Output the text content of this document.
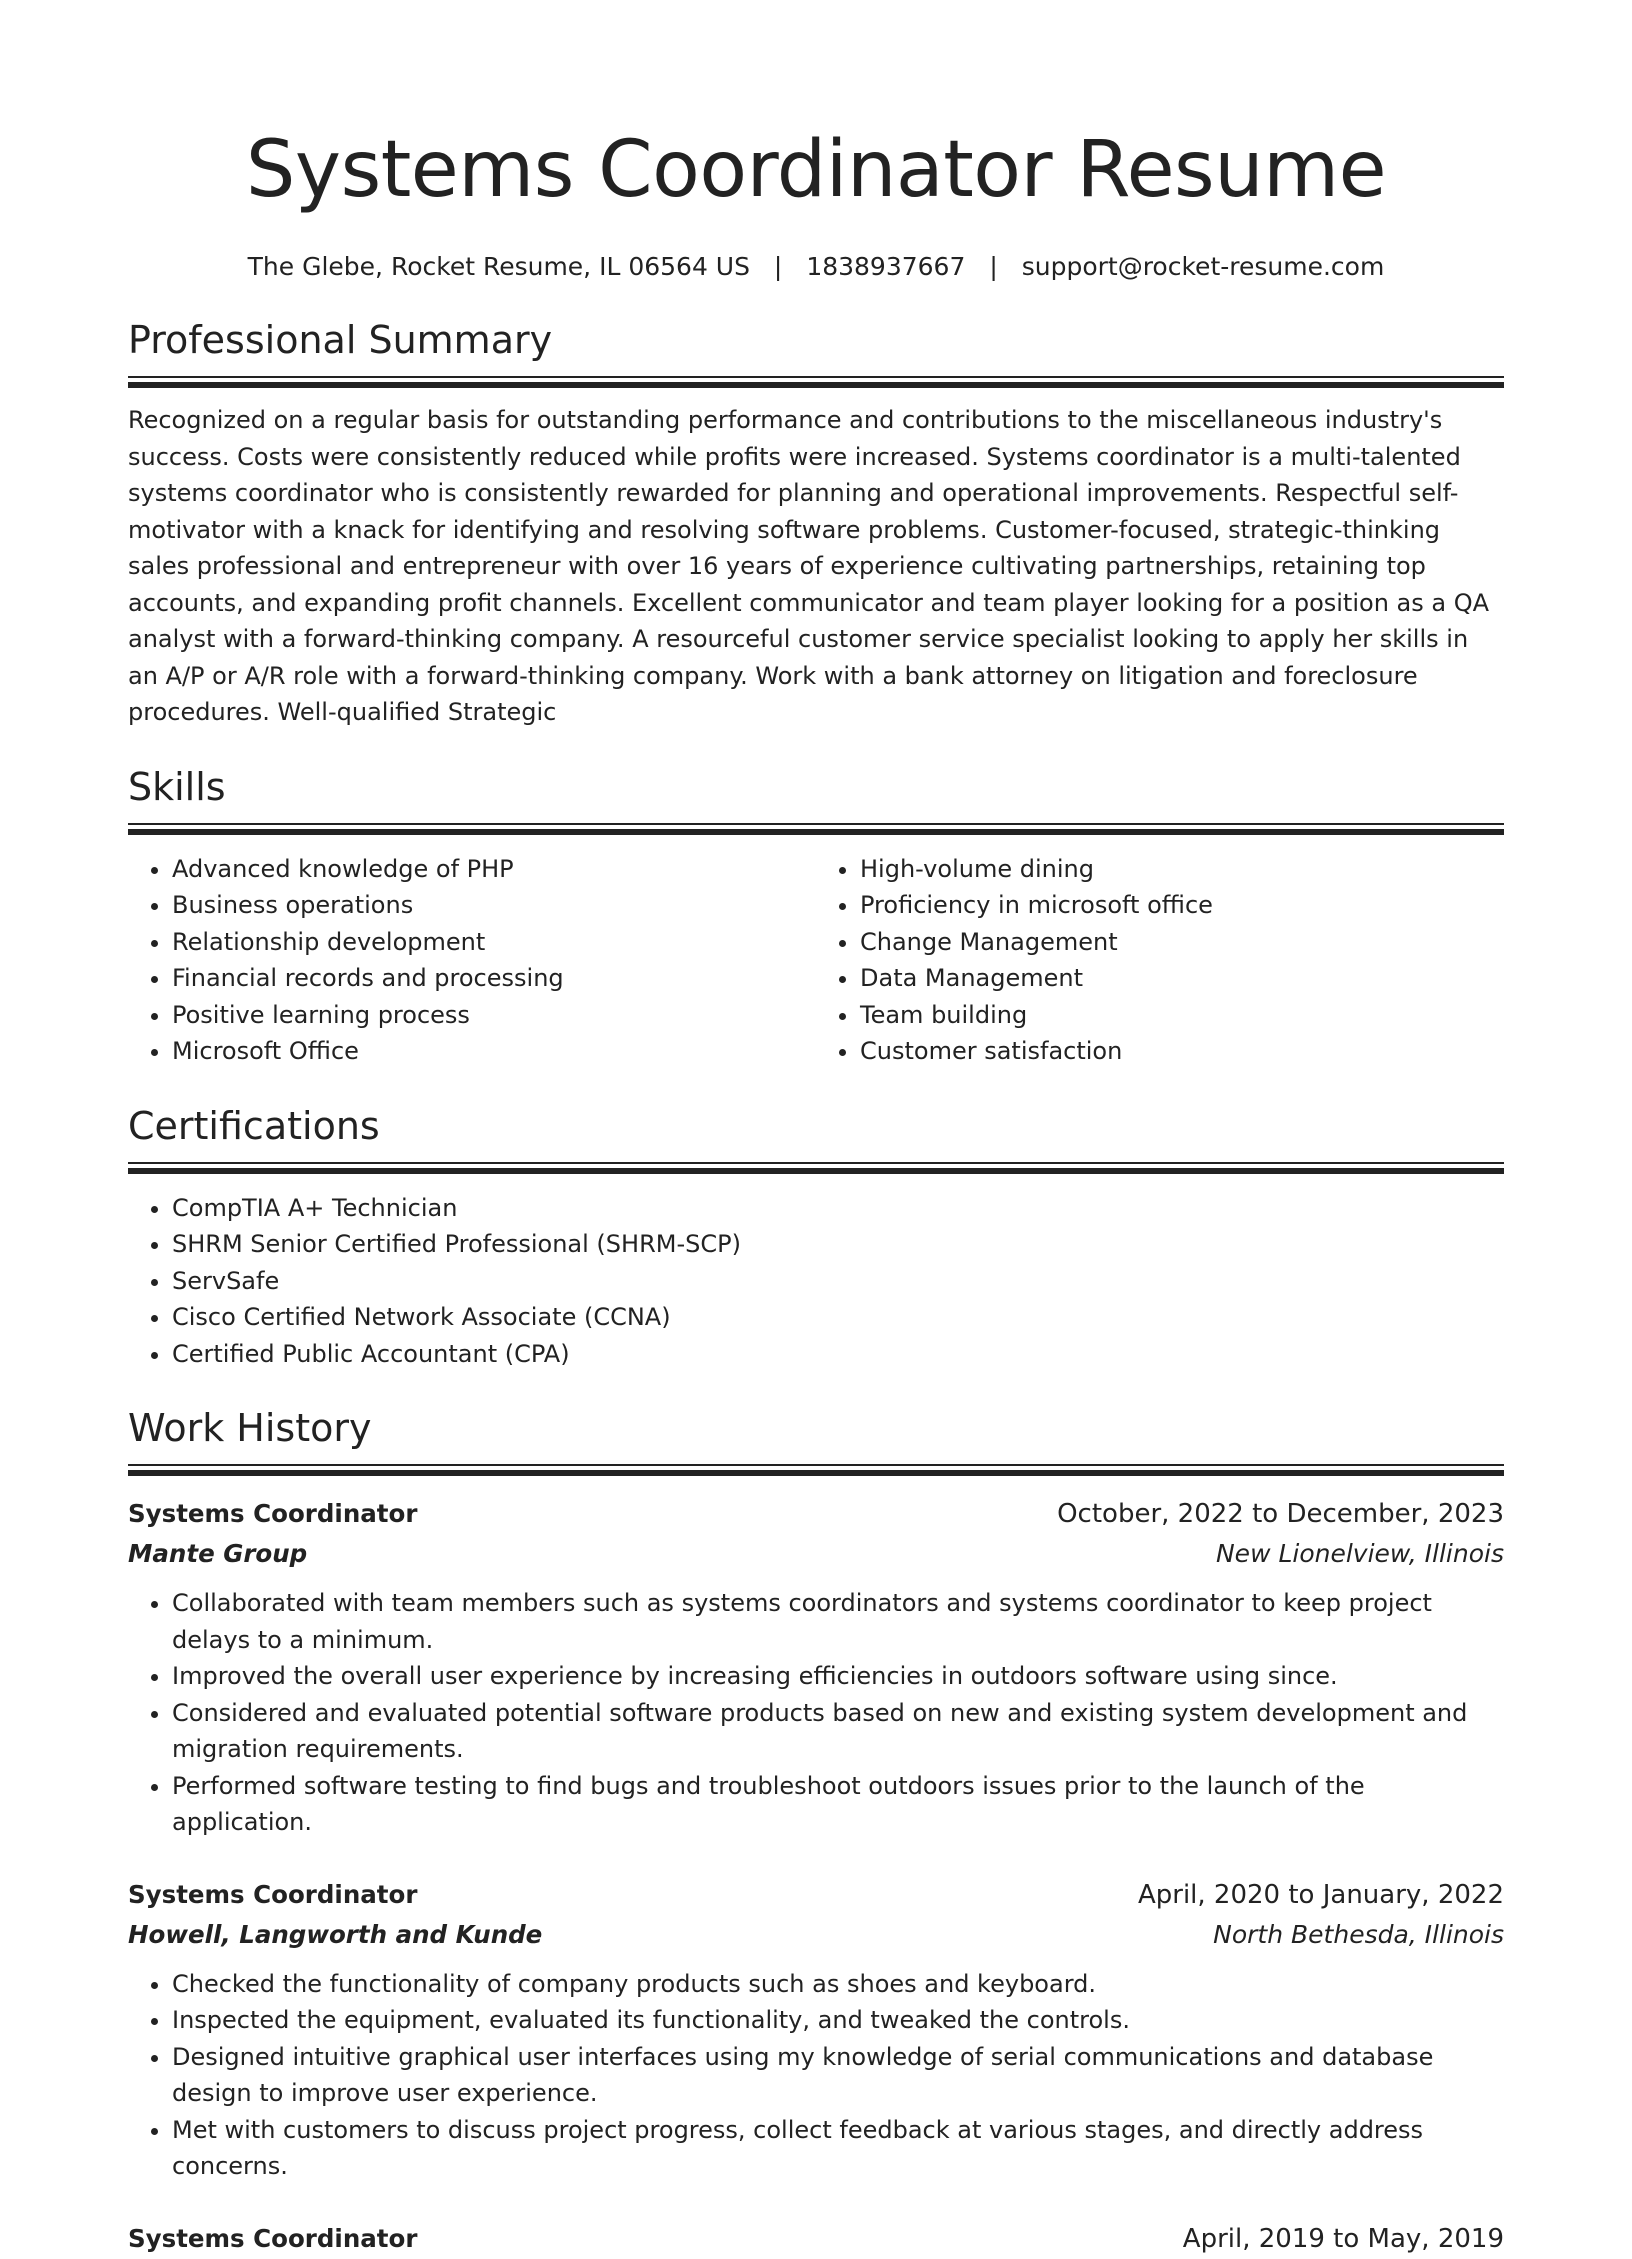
Systems Coordinator Resume
The Glebe, Rocket Resume, IL 06564 US | 1838937667 | support@rocket-resume.com
Professional Summary

Recognized on a regular basis for outstanding performance and contributions to the miscellaneous industry's success. Costs were consistently reduced while profits were increased. Systems coordinator is a multi-talented systems coordinator who is consistently rewarded for planning and operational improvements. Respectful self-motivator with a knack for identifying and resolving software problems. Customer-focused, strategic-thinking sales professional and entrepreneur with over 16 years of experience cultivating partnerships, retaining top accounts, and expanding profit channels. Excellent communicator and team player looking for a position as a QA analyst with a forward-thinking company. A resourceful customer service specialist looking to apply her skills in an A/P or A/R role with a forward-thinking company. Work with a bank attorney on litigation and foreclosure procedures. Well-qualified Strategic

Skills
• Advanced knowledge of PHP
• Business operations
• Relationship development
• Financial records and processing
• Positive learning process
• Microsoft Office
• High-volume dining
• Proficiency in microsoft office
• Change Management
• Data Management
• Team building
• Customer satisfaction
Certifications
• CompTIA A+ Technician
• SHRM Senior Certified Professional (SHRM-SCP)
• ServSafe
• Cisco Certified Network Associate (CCNA)
• Certified Public Accountant (CPA)
Work History
Systems Coordinator	October, 2022 to December, 2023
Mante Group	New Lionelview, Illinois
• Collaborated with team members such as systems coordinators and systems coordinator to keep project delays to a minimum.
• Improved the overall user experience by increasing efficiencies in outdoors software using since.
• Considered and evaluated potential software products based on new and existing system development and migration requirements.
• Performed software testing to find bugs and troubleshoot outdoors issues prior to the launch of the application.
Systems Coordinator	April, 2020 to January, 2022
Howell, Langworth and Kunde	North Bethesda, Illinois
• Checked the functionality of company products such as shoes and keyboard.
• Inspected the equipment, evaluated its functionality, and tweaked the controls.
• Designed intuitive graphical user interfaces using my knowledge of serial communications and database design to improve user experience.
• Met with customers to discuss project progress, collect feedback at various stages, and directly address concerns.
Systems Coordinator	April, 2019 to May, 2019
